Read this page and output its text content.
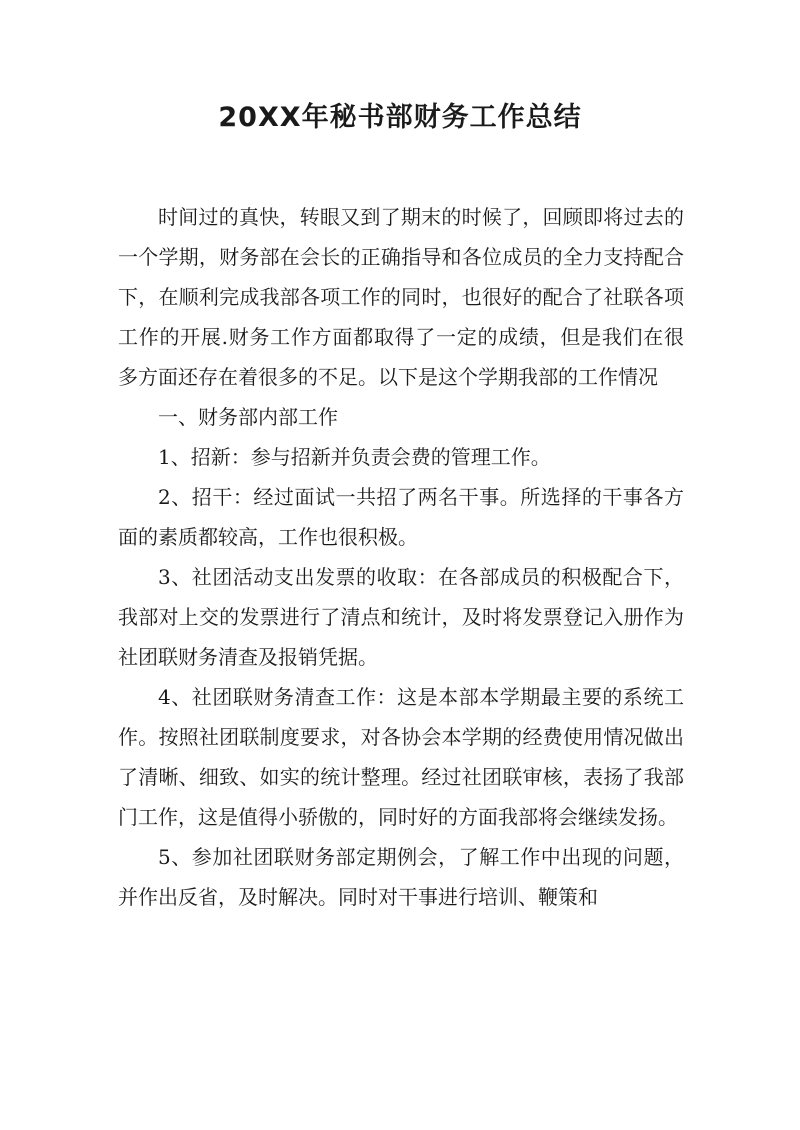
20XX年秘书部财务工作总结

时间过的真快，转眼又到了期末的时候了，回顾即将过去的一个学期，财务部在会长的正确指导和各位成员的全力支持配合下，在顺利完成我部各项工作的同时，也很好的配合了社联各项工作的开展.财务工作方面都取得了一定的成绩，但是我们在很多方面还存在着很多的不足。以下是这个学期我部的工作情况

一、财务部内部工作

1、招新：参与招新并负责会费的管理工作。

2、招干：经过面试一共招了两名干事。所选择的干事各方面的素质都较高，工作也很积极。

3、社团活动支出发票的收取：在各部成员的积极配合下，我部对上交的发票进行了清点和统计，及时将发票登记入册作为社团联财务清查及报销凭据。

4、社团联财务清查工作：这是本部本学期最主要的系统工作。按照社团联制度要求，对各协会本学期的经费使用情况做出了清晰、细致、如实的统计整理。经过社团联审核，表扬了我部门工作，这是值得小骄傲的，同时好的方面我部将会继续发扬。

5、参加社团联财务部定期例会，了解工作中出现的问题，并作出反省，及时解决。同时对干事进行培训、鞭策和
